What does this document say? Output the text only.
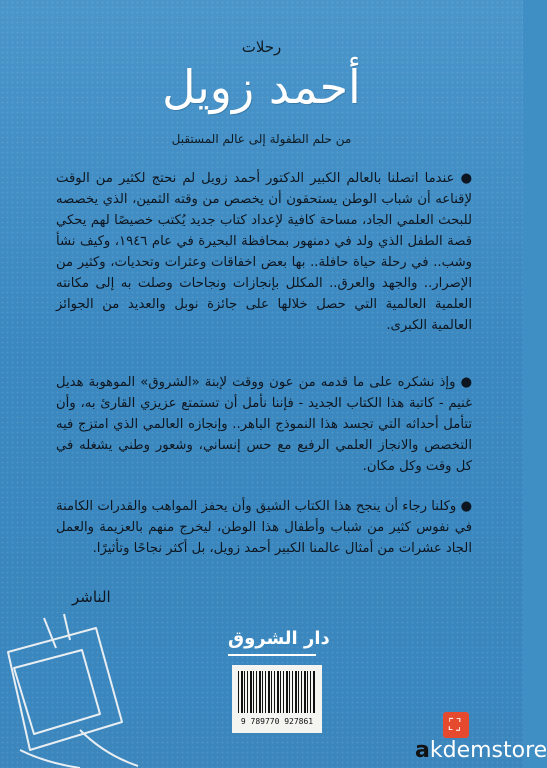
رحلات
أحمد زويل
من حلم الطفولة إلى عالم المستقبل
● عندما اتصلنا بالعالم الكبير الدكتور أحمد زويل لم نحتج لكثير من الوقت لإقناعه أن شباب الوطن يستحقون أن يخصص من وقته الثمين، الذي يخصصه للبحث العلمي الجاد، مساحة كافية لإعداد كتاب جديد يُكتب خصيصًا لهم يحكي قصة الطفل الذي ولد في دمنهور بمحافظة البحيرة في عام ١٩٤٦، وكيف نشأ وشب.. في رحلة حياة حافلة.. بها بعض اخفاقات وعثرات وتحديات، وكثير من الإصرار.. والجهد والعرق.. المكلل بإنجازات ونجاحات وصلت به إلى مكانته العلمية العالمية التي حصل خلالها على جائزة نوبل والعديد من الجوائز العالمية الكبرى.
● وإذ نشكره على ما قدمه من عون ووقت لإبنة «الشروق» الموهوبة هديل غنيم - كاتبة هذا الكتاب الجديد - فإننا نأمل أن تستمتع عزيزي القارئ به، وأن تتأمل أحداثه التي تجسد هذا النموذج الباهر.. وإنجازه العالمي الذي امتزج فيه التخصص والانجاز العلمي الرفيع مع حس إنساني، وشعور وطني يشغله في كل وقت وكل مكان.
● وكلنا رجاء أن ينجح هذا الكتاب الشيق وأن يحفز المواهب والقدرات الكامنة في نفوس كثير من شباب وأطفال هذا الوطن، ليخرج منهم بالعزيمة والعمل الجاد عشرات من أمثال عالمنا الكبير أحمد زويل، بل أكثر نجاحًا وتأثيرًا.
الناشر
دار الشروق
9 789770 927861	⛶
akdemstore
